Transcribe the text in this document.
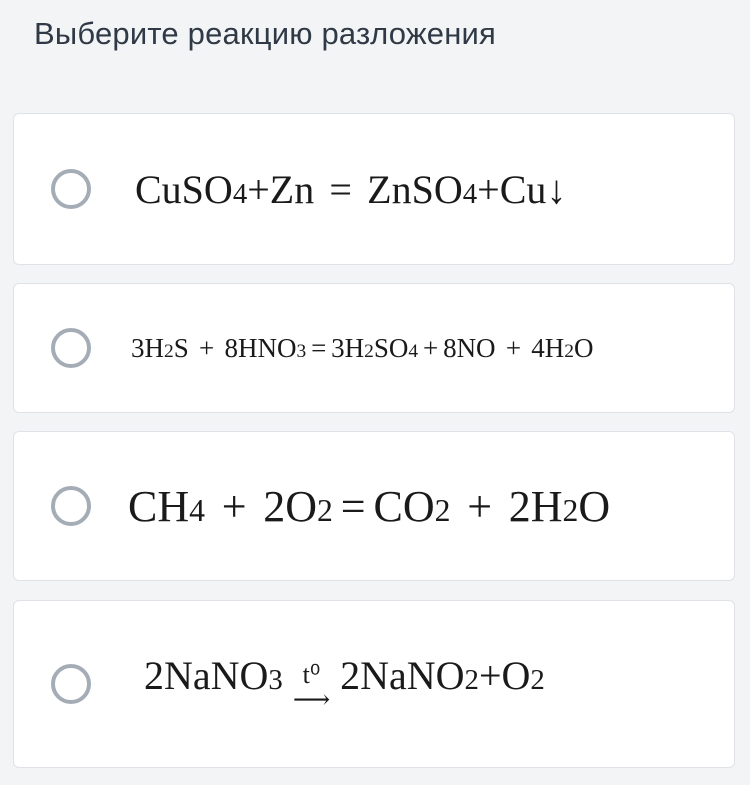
Выберите реакцию разложения
CuSO 4 + Zn = ZnSO 4 + Cu↓
3H 2 S + 8HNO 3 = 3H 2 SO 4 + 8NO + 4H 2 O
CH 4 + 2O 2 = CO 2 + 2H 2 O
2NaNO 3 t⁰
⟶
2NaNO 2 + O 2
